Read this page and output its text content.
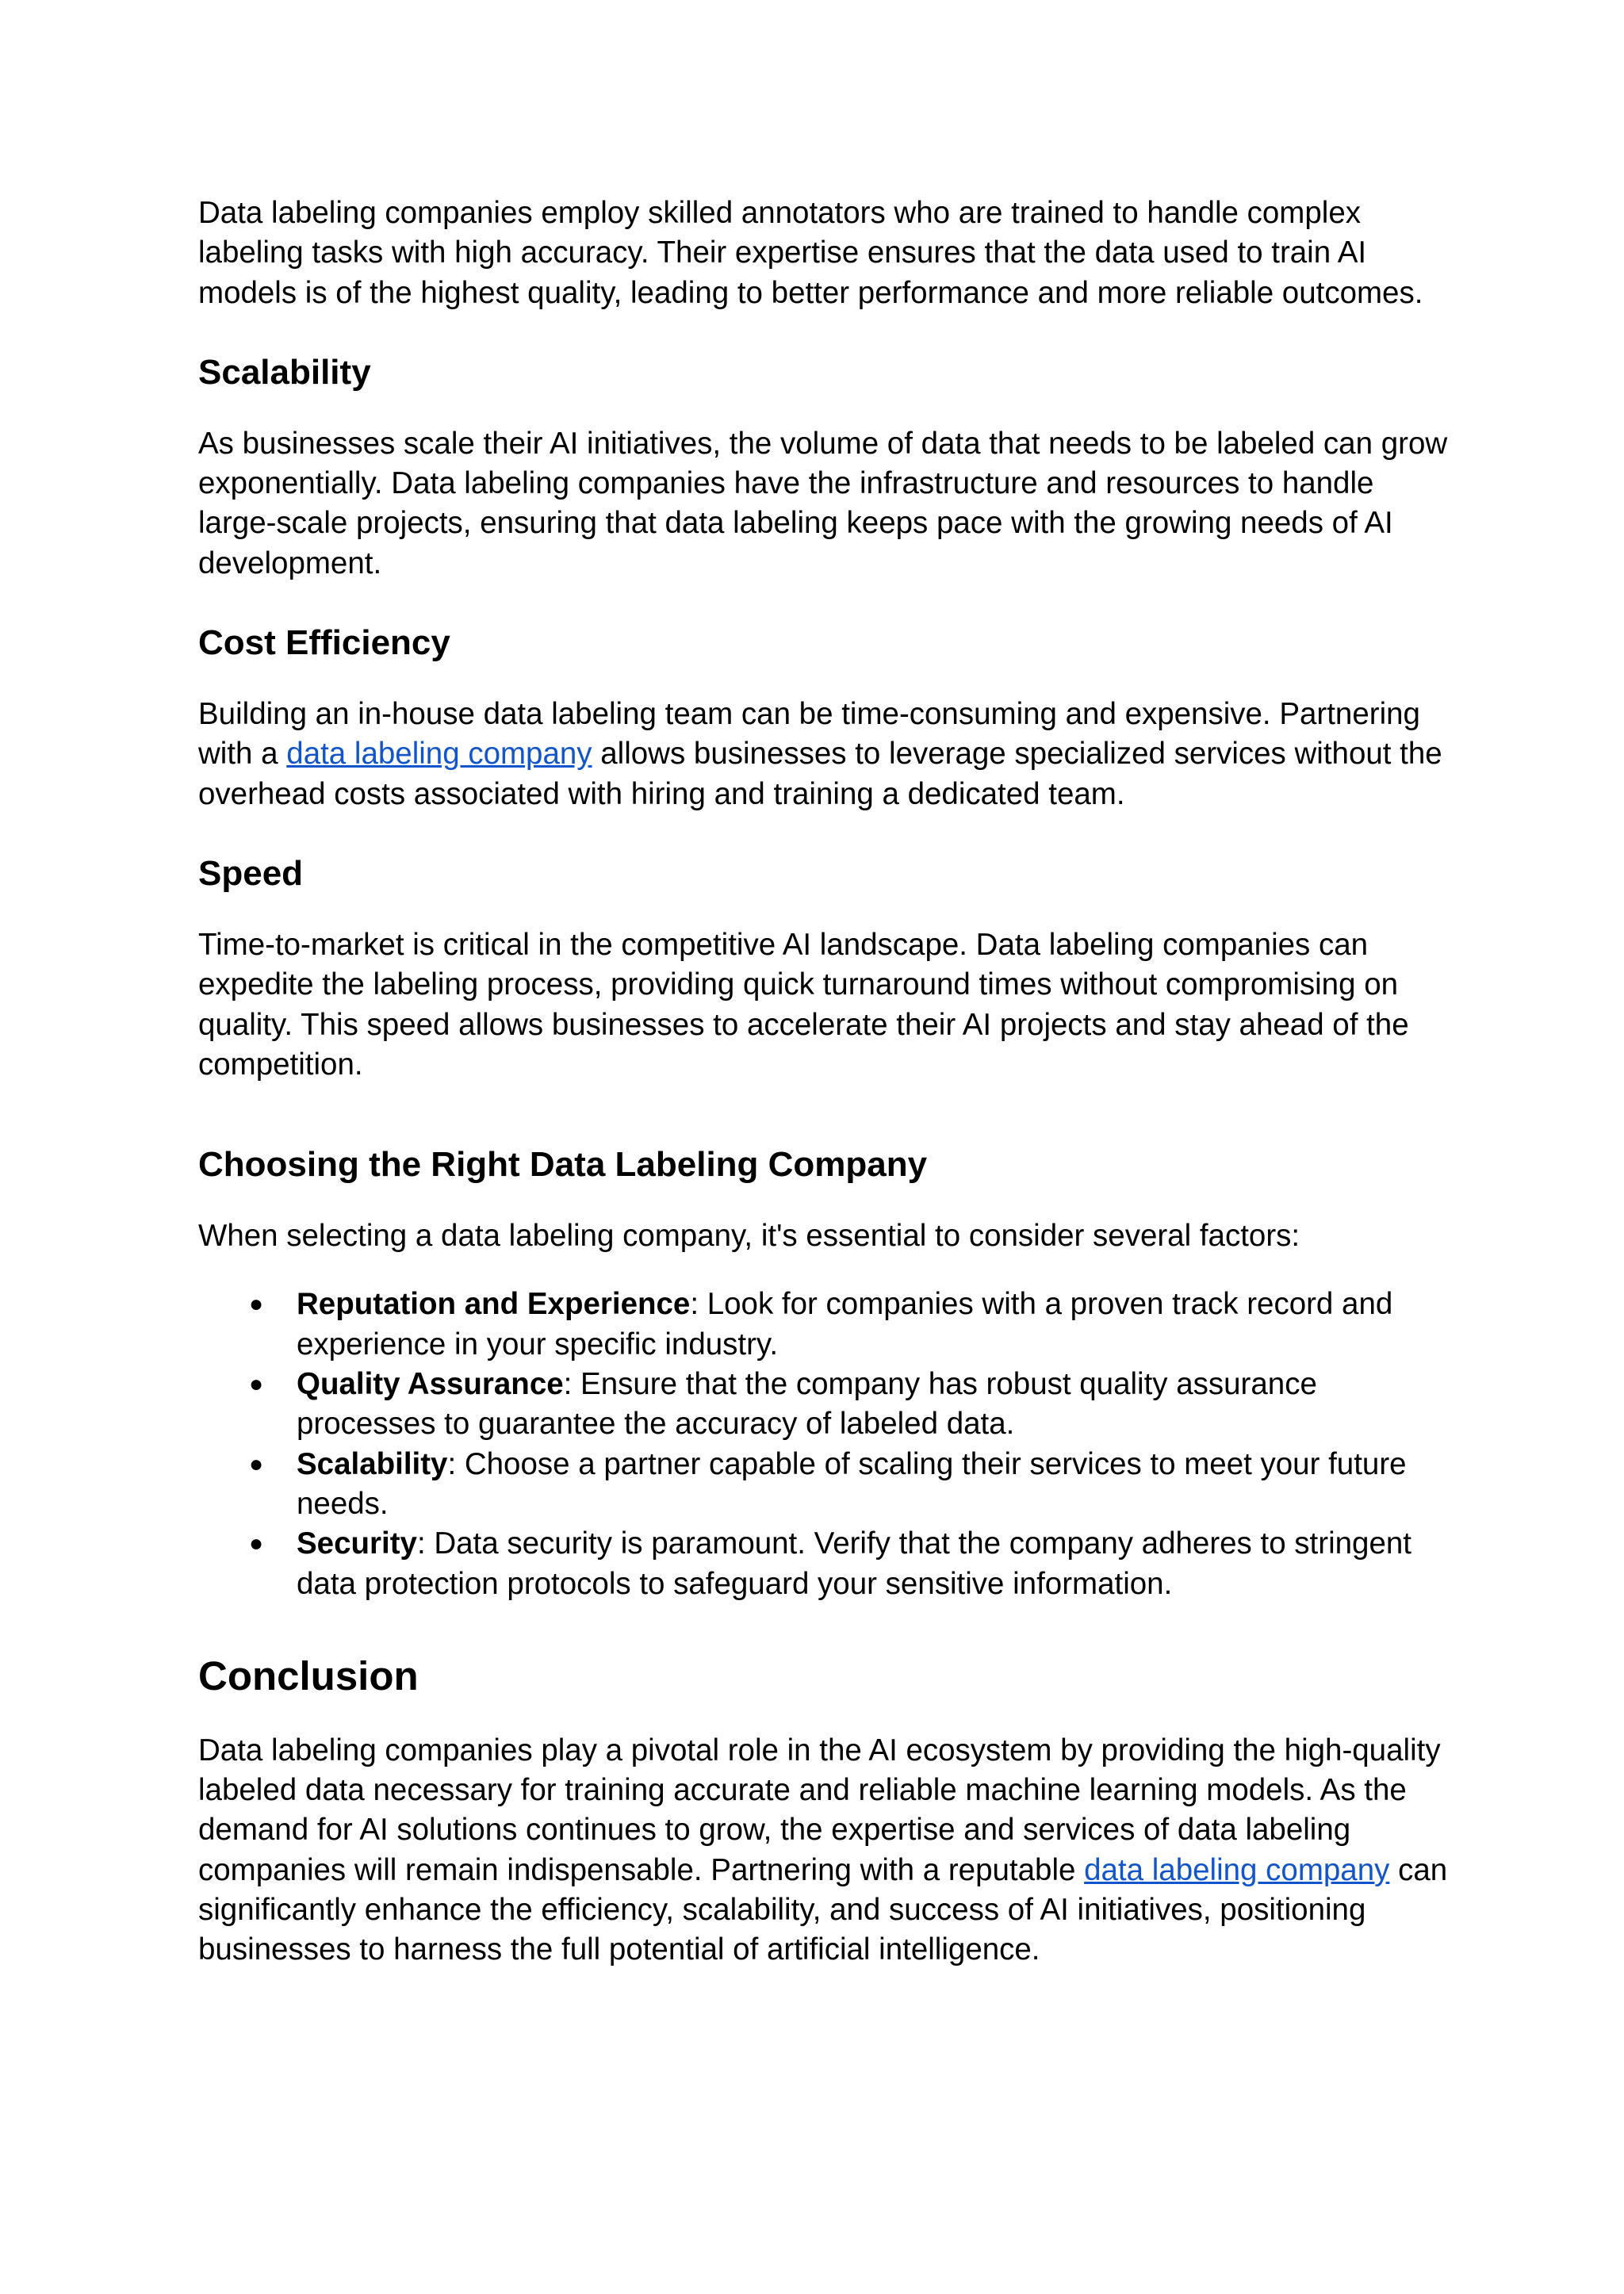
Data labeling companies employ skilled annotators who are trained to handle complex labeling tasks with high accuracy. Their expertise ensures that the data used to train AI models is of the highest quality, leading to better performance and more reliable outcomes.

Scalability

As businesses scale their AI initiatives, the volume of data that needs to be labeled can grow exponentially. Data labeling companies have the infrastructure and resources to handle large-scale projects, ensuring that data labeling keeps pace with the growing needs of AI development.

Cost Efficiency

Building an in-house data labeling team can be time-consuming and expensive. Partnering with a data labeling company allows businesses to leverage specialized services without the overhead costs associated with hiring and training a dedicated team.

Speed

Time-to-market is critical in the competitive AI landscape. Data labeling companies can expedite the labeling process, providing quick turnaround times without compromising on quality. This speed allows businesses to accelerate their AI projects and stay ahead of the competition.

Choosing the Right Data Labeling Company

When selecting a data labeling company, it's essential to consider several factors:

● Reputation and Experience: Look for companies with a proven track record and experience in your specific industry.
● Quality Assurance: Ensure that the company has robust quality assurance processes to guarantee the accuracy of labeled data.
● Scalability: Choose a partner capable of scaling their services to meet your future needs.
● Security: Data security is paramount. Verify that the company adheres to stringent data protection protocols to safeguard your sensitive information.
Conclusion

Data labeling companies play a pivotal role in the AI ecosystem by providing the high-quality labeled data necessary for training accurate and reliable machine learning models. As the demand for AI solutions continues to grow, the expertise and services of data labeling companies will remain indispensable. Partnering with a reputable data labeling company can significantly enhance the efficiency, scalability, and success of AI initiatives, positioning businesses to harness the full potential of artificial intelligence.
